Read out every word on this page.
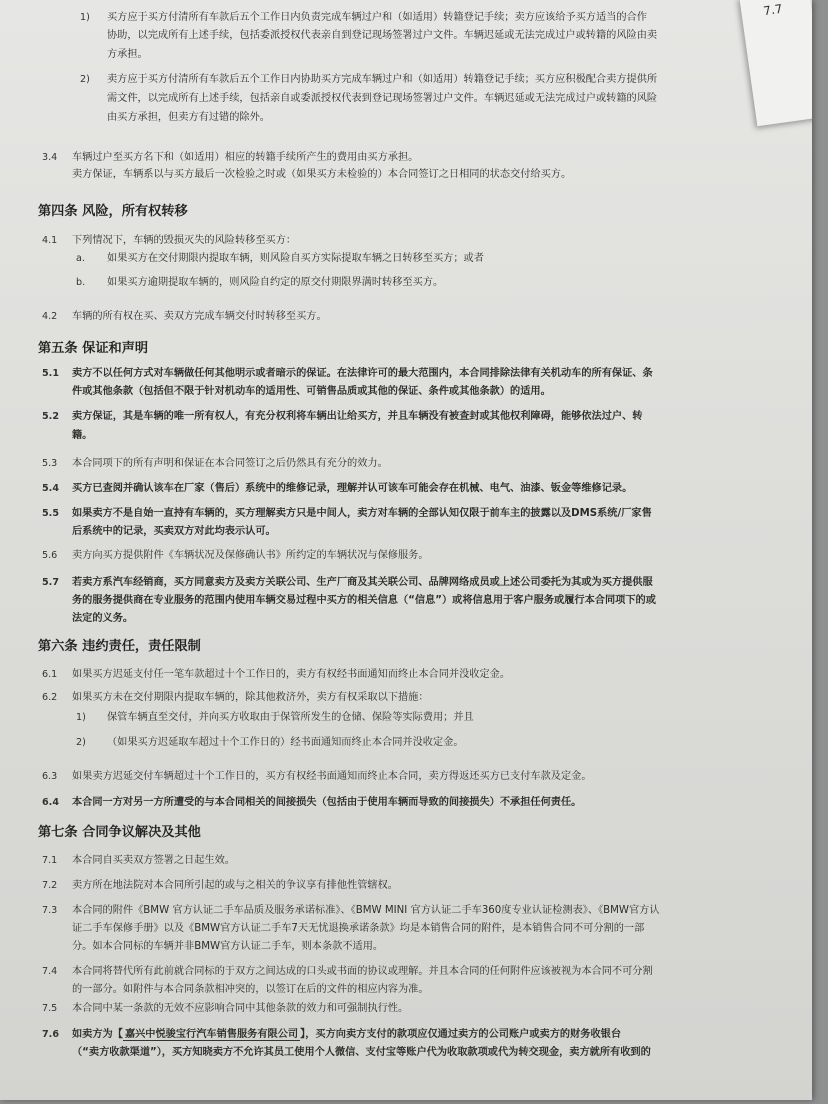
1) 买方应于买方付清所有车款后五个工作日内负责完成车辆过户和（如适用）转籍登记手续；卖方应该给予买方适当的合作
协助，以完成所有上述手续，包括委派授权代表亲自到登记现场签署过户文件。车辆迟延或无法完成过户或转籍的风险由卖
方承担。
2) 卖方应于买方付清所有车款后五个工作日内协助买方完成车辆过户和（如适用）转籍登记手续；买方应积极配合卖方提供所
需文件，以完成所有上述手续，包括亲自或委派授权代表到登记现场签署过户文件。车辆迟延或无法完成过户或转籍的风险
由买方承担，但卖方有过错的除外。
3.4 车辆过户至买方名下和（如适用）相应的转籍手续所产生的费用由买方承担。
卖方保证，车辆系以与买方最后一次检验之时或（如果买方未检验的）本合同签订之日相同的状态交付给买方。
第四条 风险，所有权转移
4.1 下列情况下，车辆的毁损灭失的风险转移至买方：
a. 如果买方在交付期限内提取车辆，则风险自买方实际提取车辆之日转移至买方；或者
b. 如果买方逾期提取车辆的，则风险自约定的原交付期限界满时转移至买方。
4.2 车辆的所有权在买、卖双方完成车辆交付时转移至买方。
第五条 保证和声明
5.1 卖方不以任何方式对车辆做任何其他明示或者暗示的保证。在法律许可的最大范围内，本合同排除法律有关机动车的所有保证、条
件或其他条款（包括但不限于针对机动车的适用性、可销售品质或其他的保证、条件或其他条款）的适用。
5.2 卖方保证，其是车辆的唯一所有权人，有充分权利将车辆出让给买方，并且车辆没有被查封或其他权利障碍，能够依法过户、转
籍。
5.3 本合同项下的所有声明和保证在本合同签订之后仍然具有充分的效力。
5.4 买方已查阅并确认该车在厂家（售后）系统中的维修记录，理解并认可该车可能会存在机械、电气、油漆、钣金等维修记录。
5.5 如果卖方不是自始一直持有车辆的，买方理解卖方只是中间人，卖方对车辆的全部认知仅限于前车主的披露以及DMS系统/厂家售
后系统中的记录，买卖双方对此均表示认可。
5.6 卖方向买方提供附件《车辆状况及保修确认书》所约定的车辆状况与保修服务。
5.7 若卖方系汽车经销商，买方同意卖方及卖方关联公司、生产厂商及其关联公司、品牌网络成员或上述公司委托为其或为买方提供服
务的服务提供商在专业服务的范围内使用车辆交易过程中买方的相关信息（“信息”）或将信息用于客户服务或履行本合同项下的或
法定的义务。
第六条 违约责任，责任限制
6.1 如果买方迟延支付任一笔车款超过十个工作日的，卖方有权经书面通知而终止本合同并没收定金。
6.2 如果买方未在交付期限内提取车辆的，除其他救济外，卖方有权采取以下措施：
1) 保管车辆直至交付，并向买方收取由于保管所发生的仓储、保险等实际费用；并且
2) （如果买方迟延取车超过十个工作日的）经书面通知而终止本合同并没收定金。
6.3 如果卖方迟延交付车辆超过十个工作日的，买方有权经书面通知而终止本合同，卖方得返还买方已支付车款及定金。
6.4 本合同一方对另一方所遭受的与本合同相关的间接损失（包括由于使用车辆而导致的间接损失）不承担任何责任。
第七条 合同争议解决及其他
7.1 本合同自买卖双方签署之日起生效。
7.2 卖方所在地法院对本合同所引起的或与之相关的争议享有排他性管辖权。
7.3 本合同的附件《BMW 官方认证二手车品质及服务承诺标准》、《BMW MINI 官方认证二手车360度专业认证检测表》、《BMW官方认
证二手车保修手册》以及《BMW官方认证二手车7天无忧退换承诺条款》均是本销售合同的附件，是本销售合同不可分割的一部
分。如本合同标的车辆并非BMW官方认证二手车，则本条款不适用。
7.4 本合同将替代所有此前就合同标的于双方之间达成的口头或书面的协议或理解。并且本合同的任何附件应该被视为本合同不可分割
的一部分。如附件与本合同条款相冲突的，以签订在后的文件的相应内容为准。
7.5 本合同中某一条款的无效不应影响合同中其他条款的效力和可强制执行性。
7.6 如卖方为【 嘉兴中悦骏宝行汽车销售服务有限公司 】，买方向卖方支付的款项应仅通过卖方的公司账户或卖方的财务收银台
（“卖方收款渠道”），买方知晓卖方不允许其员工使用个人微信、支付宝等账户代为收取款项或代为转交现金，卖方就所有收到的
7.7
